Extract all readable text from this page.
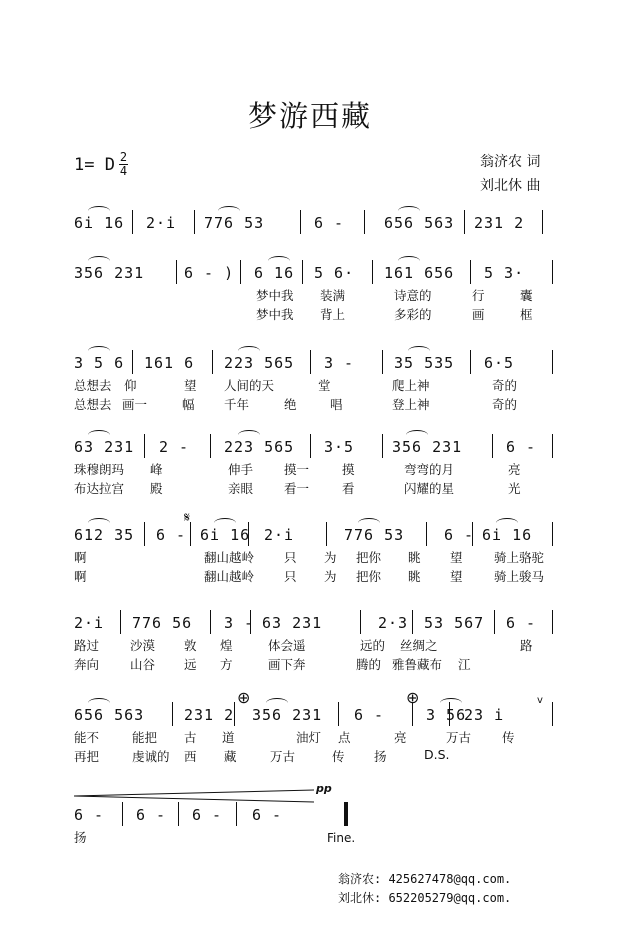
梦游西藏
1= D $\frac{2}{4}$	翁济农 词
刘北休 曲
6i 16 2·i 776 53	6 -	656 563 231 2
356 231	6 - ) 6 16 5 6· 161 656 5 3·
梦中我 装满	诗意的	行	囊
梦中我 背上	多彩的	画	框
3 5 6 161 6 223 565 3 -	35 535 6·5
总想去 仰	望 人间的天	堂	爬上神	奇的
总想去 画一	幅 千年	绝	唱	登上神	奇的
63 231 2 - 223 565 3·5	356 231	6 -
珠穆朗玛 峰	伸手 摸一	摸	弯弯的月	亮
布达拉宫 殿	亲眼 看一	看	闪耀的星	光
612 35 6 - 6i 16 2·i	776 53	6 - 6i 16
啊	翻山越岭 只 为 把你 眺 望	骑上骆驼
啊	翻山越岭 只 为 把你 眺 望	骑上骏马
2·i 776 56 3 - 63 231	2·3 53 567 6 -
路过 沙漠 敦 煌	体会遥	远的 丝绸之	路
奔向 山谷 远 方	画下奔	腾的 雅鲁藏布 江
656 563	231 2 356 231 6 -	3 56
23 i
能不	能把 古 道	油灯 点	亮	万古 传
再把	虔诚的 西 藏	万古	传 扬	D.S.
6 - 6 - 6 - 6 -
扬
pp
Fine.
𝄋
⊕	⊕	v
翁济农: 425627478@qq.com.
刘北休: 652205279@qq.com.
